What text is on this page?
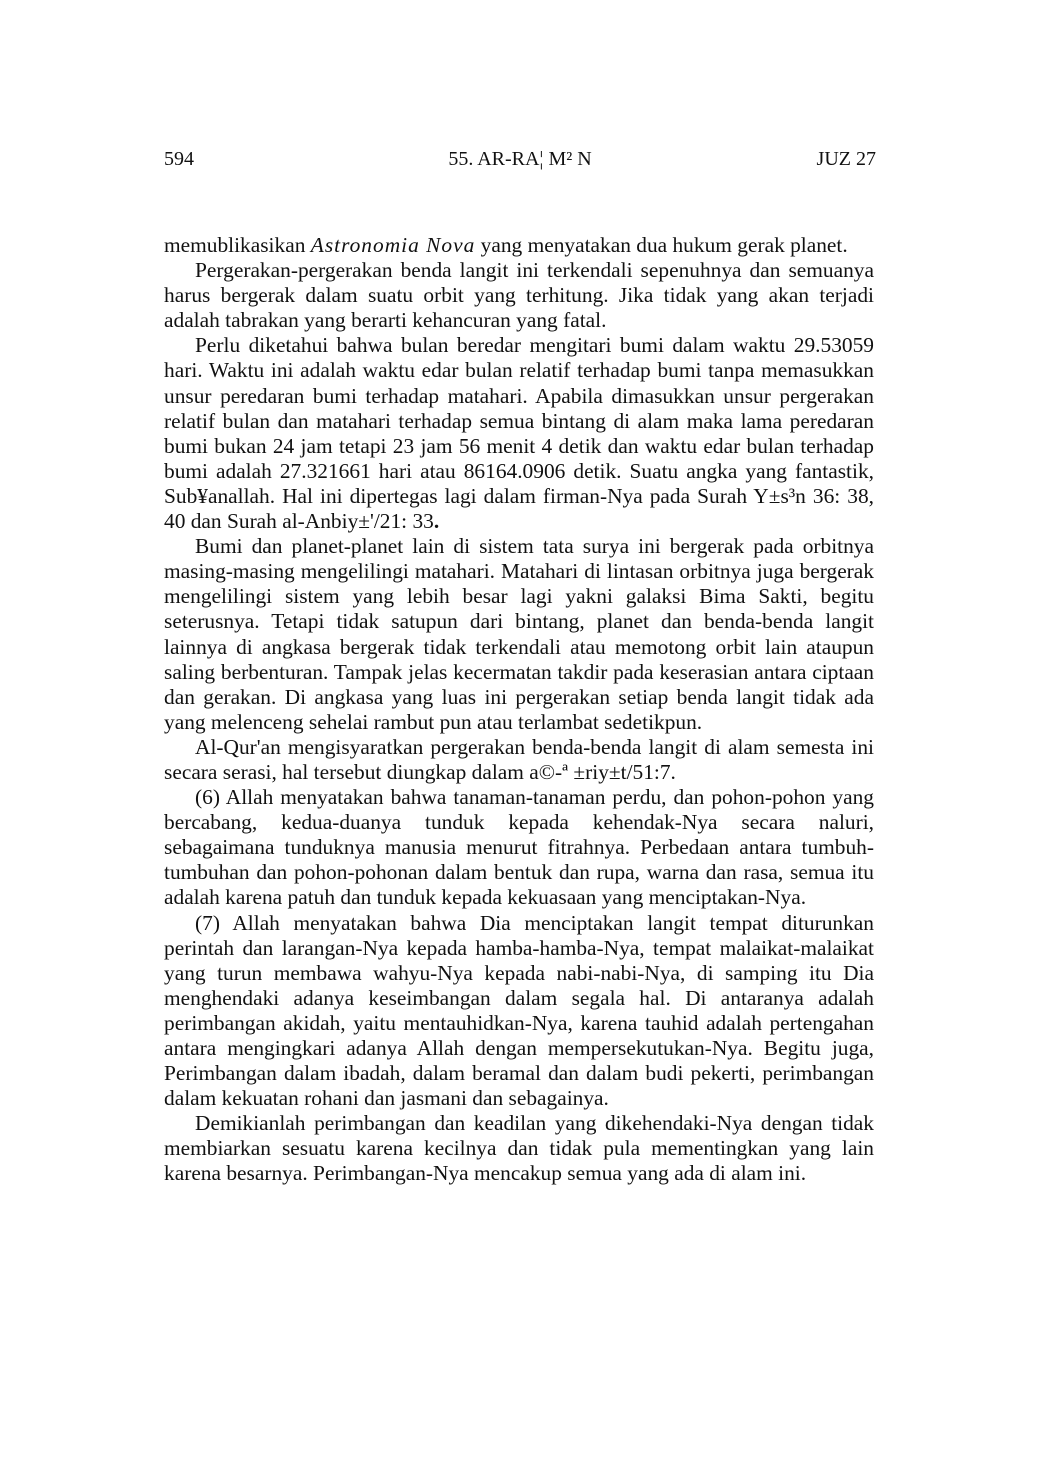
594	55. AR-RA¦ M² N	JUZ 27

memublikasikan Astronomia Nova yang menyatakan dua hukum gerak planet.

Pergerakan-pergerakan benda langit ini terkendali sepenuhnya dan semuanya harus bergerak dalam suatu orbit yang terhitung. Jika tidak yang akan terjadi adalah tabrakan yang berarti kehancuran yang fatal.

Perlu diketahui bahwa bulan beredar mengitari bumi dalam waktu 29.53059 hari. Waktu ini adalah waktu edar bulan relatif terhadap bumi tanpa memasukkan unsur peredaran bumi terhadap matahari. Apabila dimasukkan unsur pergerakan relatif bulan dan matahari terhadap semua bintang di alam maka lama peredaran bumi bukan 24 jam tetapi 23 jam 56 menit 4 detik dan waktu edar bulan terhadap bumi adalah 27.321661 hari atau 86164.0906 detik. Suatu angka yang fantastik, Sub¥anallah. Hal ini dipertegas lagi dalam firman-Nya pada Surah Y±s³n 36: 38, 40 dan Surah al-Anbiy±'/21: 33.

Bumi dan planet-planet lain di sistem tata surya ini bergerak pada orbitnya masing-masing mengelilingi matahari. Matahari di lintasan orbitnya juga bergerak mengelilingi sistem yang lebih besar lagi yakni galaksi Bima Sakti, begitu seterusnya. Tetapi tidak satupun dari bintang, planet dan benda-benda langit lainnya di angkasa bergerak tidak terkendali atau memotong orbit lain ataupun saling berbenturan. Tampak jelas kecermatan takdir pada keserasian antara ciptaan dan gerakan. Di angkasa yang luas ini pergerakan setiap benda langit tidak ada yang melenceng sehelai rambut pun atau terlambat sedetikpun.

Al-Qur'an mengisyaratkan pergerakan benda-benda langit di alam semesta ini secara serasi, hal tersebut diungkap dalam a©-ª ±riy±t/51:7.

(6) Allah menyatakan bahwa tanaman-tanaman perdu, dan pohon-pohon yang bercabang, kedua-duanya tunduk kepada kehendak-Nya secara naluri, sebagaimana tunduknya manusia menurut fitrahnya. Perbedaan antara tumbuh-tumbuhan dan pohon-pohonan dalam bentuk dan rupa, warna dan rasa, semua itu adalah karena patuh dan tunduk kepada kekuasaan yang menciptakan-Nya.

(7) Allah menyatakan bahwa Dia menciptakan langit tempat diturunkan perintah dan larangan-Nya kepada hamba-hamba-Nya, tempat malaikat-malaikat yang turun membawa wahyu-Nya kepada nabi-nabi-Nya, di samping itu Dia menghendaki adanya keseimbangan dalam segala hal. Di antaranya adalah perimbangan akidah, yaitu mentauhidkan-Nya, karena tauhid adalah pertengahan antara mengingkari adanya Allah dengan mempersekutukan-Nya. Begitu juga, Perimbangan dalam ibadah, dalam beramal dan dalam budi pekerti, perimbangan dalam kekuatan rohani dan jasmani dan sebagainya.

Demikianlah perimbangan dan keadilan yang dikehendaki-Nya dengan tidak membiarkan sesuatu karena kecilnya dan tidak pula mementingkan yang lain karena besarnya. Perimbangan-Nya mencakup semua yang ada di alam ini.
